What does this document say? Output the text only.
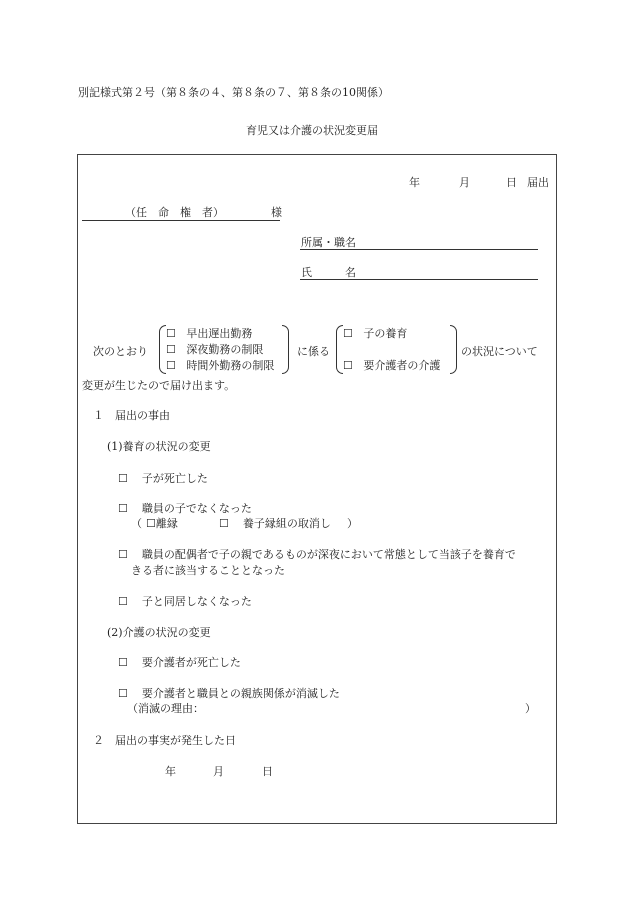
別記様式第２号（第８条の４、第８条の７、第８条の10関係）
育児又は介護の状況変更届
年	月	日 届出
（任　命　権　者）	様
所属・職名
氏　　　名
次のとおり
☐ 早出遅出勤務
☐ 深夜勤務の制限
☐ 時間外勤務の制限
に係る
☐ 子の養育
☐ 要介護者の介護
の状況について
変更が生じたので届け出ます。
１　届出の事由
(1)養育の状況の変更
☐ 子が死亡した
☐ 職員の子でなくなった
（ ☐離縁	☐ 養子縁組の取消し ）
☐ 職員の配偶者で子の親であるものが深夜において常態として当該子を養育で
きる者に該当することとなった
☐ 子と同居しなくなった
(2)介護の状況の変更
☐ 要介護者が死亡した
☐ 要介護者と職員との親族関係が消滅した
（消滅の理由：	）
２　届出の事実が発生した日
年	月	日
